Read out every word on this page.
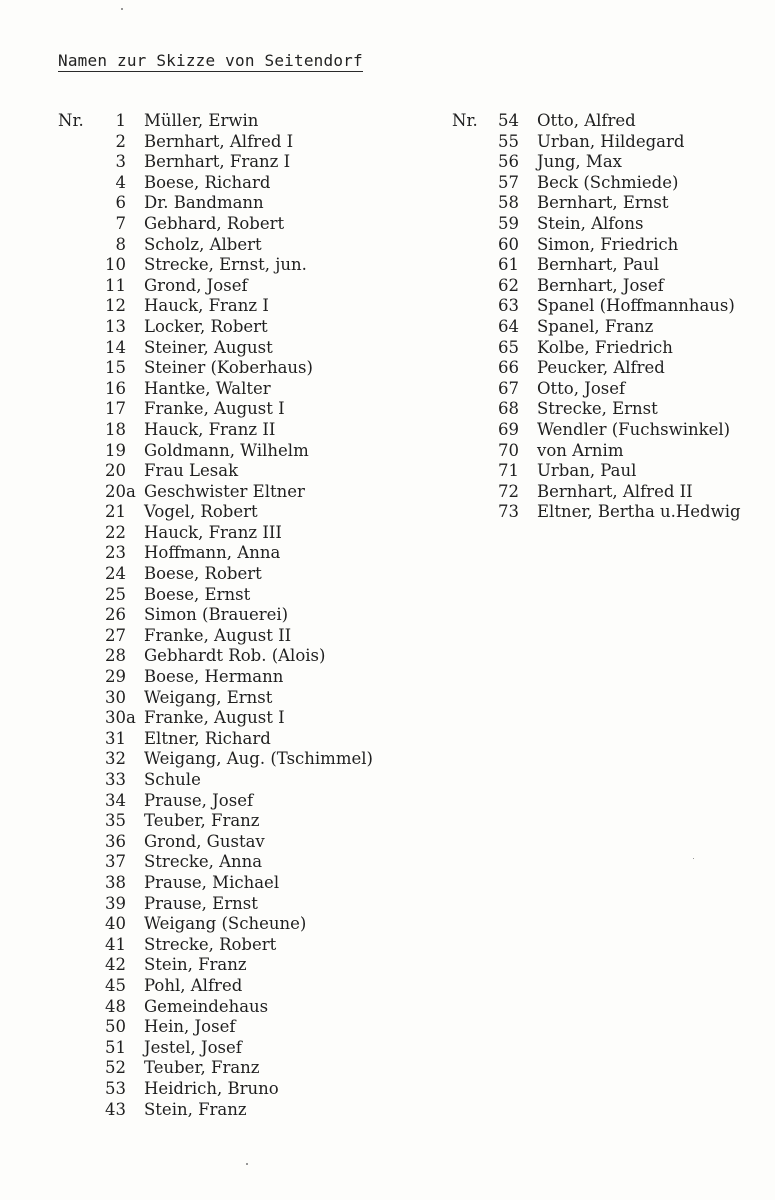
Namen zur Skizze von Seitendorf
Nr.	1 Müller, Erwin
2 Bernhart, Alfred I
3 Bernhart, Franz I
4 Boese, Richard
6 Dr. Bandmann
7 Gebhard, Robert
8 Scholz, Albert
10 Strecke, Ernst, jun.
11 Grond, Josef
12 Hauck, Franz I
13 Locker, Robert
14 Steiner, August
15 Steiner (Koberhaus)
16 Hantke, Walter
17 Franke, August I
18 Hauck, Franz II
19 Goldmann, Wilhelm
20 Frau Lesak
20a Geschwister Eltner
21 Vogel, Robert
22 Hauck, Franz III
23 Hoffmann, Anna
24 Boese, Robert
25 Boese, Ernst
26 Simon (Brauerei)
27 Franke, August II
28 Gebhardt Rob. (Alois)
29 Boese, Hermann
30 Weigang, Ernst
30a Franke, August I
31 Eltner, Richard
32 Weigang, Aug. (Tschimmel)
33 Schule
34 Prause, Josef
35 Teuber, Franz
36 Grond, Gustav
37 Strecke, Anna
38 Prause, Michael
39 Prause, Ernst
40 Weigang (Scheune)
41 Strecke, Robert
42 Stein, Franz
45 Pohl, Alfred
48 Gemeindehaus
50 Hein, Josef
51 Jestel, Josef
52 Teuber, Franz
53 Heidrich, Bruno
43 Stein, Franz
Nr.	54 Otto, Alfred
55 Urban, Hildegard
56 Jung, Max
57 Beck (Schmiede)
58 Bernhart, Ernst
59 Stein, Alfons
60 Simon, Friedrich
61 Bernhart, Paul
62 Bernhart, Josef
63 Spanel (Hoffmannhaus)
64 Spanel, Franz
65 Kolbe, Friedrich
66 Peucker, Alfred
67 Otto, Josef
68 Strecke, Ernst
69 Wendler (Fuchswinkel)
70 von Arnim
71 Urban, Paul
72 Bernhart, Alfred II
73 Eltner, Bertha u.Hedwig
